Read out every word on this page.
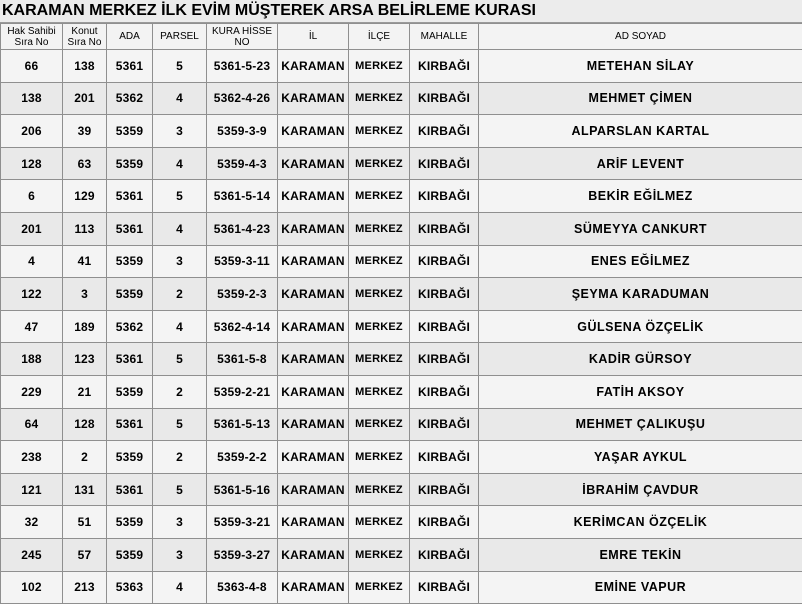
KARAMAN MERKEZ İLK EVİM MÜŞTEREK ARSA BELİRLEME KURASI
Hak Sahibi Sıra No	Konut Sıra No	ADA	PARSEL	KURA HİSSE NO	İL	İLÇE	MAHALLE	AD SOYAD
66	138	5361	5	5361-5-23	KARAMAN	MERKEZ	KIRBAĞI	METEHAN SİLAY
138	201	5362	4	5362-4-26	KARAMAN	MERKEZ	KIRBAĞI	MEHMET ÇİMEN
206	39	5359	3	5359-3-9	KARAMAN	MERKEZ	KIRBAĞI	ALPARSLAN KARTAL
128	63	5359	4	5359-4-3	KARAMAN	MERKEZ	KIRBAĞI	ARİF LEVENT
6	129	5361	5	5361-5-14	KARAMAN	MERKEZ	KIRBAĞI	BEKİR EĞİLMEZ
201	113	5361	4	5361-4-23	KARAMAN	MERKEZ	KIRBAĞI	SÜMEYYA CANKURT
4	41	5359	3	5359-3-11	KARAMAN	MERKEZ	KIRBAĞI	ENES EĞİLMEZ
122	3	5359	2	5359-2-3	KARAMAN	MERKEZ	KIRBAĞI	ŞEYMA KARADUMAN
47	189	5362	4	5362-4-14	KARAMAN	MERKEZ	KIRBAĞI	GÜLSENA ÖZÇELİK
188	123	5361	5	5361-5-8	KARAMAN	MERKEZ	KIRBAĞI	KADİR GÜRSOY
229	21	5359	2	5359-2-21	KARAMAN	MERKEZ	KIRBAĞI	FATİH AKSOY
64	128	5361	5	5361-5-13	KARAMAN	MERKEZ	KIRBAĞI	MEHMET ÇALIKUŞU
238	2	5359	2	5359-2-2	KARAMAN	MERKEZ	KIRBAĞI	YAŞAR AYKUL
121	131	5361	5	5361-5-16	KARAMAN	MERKEZ	KIRBAĞI	İBRAHİM ÇAVDUR
32	51	5359	3	5359-3-21	KARAMAN	MERKEZ	KIRBAĞI	KERİMCAN ÖZÇELİK
245	57	5359	3	5359-3-27	KARAMAN	MERKEZ	KIRBAĞI	EMRE TEKİN
102	213	5363	4	5363-4-8	KARAMAN	MERKEZ	KIRBAĞI	EMİNE VAPUR
